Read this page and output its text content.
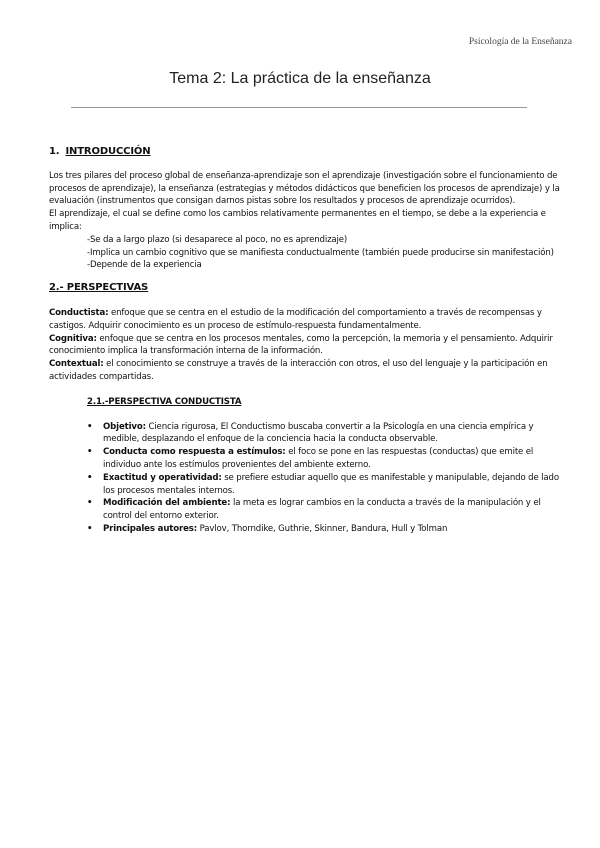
Psicología de la Enseñanza
Tema 2: La práctica de la enseñanza
1. INTRODUCCIÓN

Los tres pilares del proceso global de enseñanza-aprendizaje son el aprendizaje (investigación sobre el funcionamiento de procesos de aprendizaje), la enseñanza (estrategias y métodos didácticos que beneficien los procesos de aprendizaje) y la evaluación (instrumentos que consigan darnos pistas sobre los resultados y procesos de aprendizaje ocurridos).

El aprendizaje, el cual se define como los cambios relativamente permanentes en el tiempo, se debe a la experiencia e implica:

-Se da a largo plazo (si desaparece al poco, no es aprendizaje)

-Implica un cambio cognitivo que se manifiesta conductualmente (también puede producirse sin manifestación)

-Depende de la experiencia

2.- PERSPECTIVAS

Conductista: enfoque que se centra en el estudio de la modificación del comportamiento a través de recompensas y castigos. Adquirir conocimiento es un proceso de estímulo-respuesta fundamentalmente.

Cognitiva: enfoque que se centra en los procesos mentales, como la percepción, la memoria y el pensamiento. Adquirir conocimiento implica la transformación interna de la información.

Contextual: el conocimiento se construye a través de la interacción con otros, el uso del lenguaje y la participación en actividades compartidas.

2.1.-PERSPECTIVA CONDUCTISTA
• Objetivo: Ciencia rigurosa, El Conductismo buscaba convertir a la Psicología en una ciencia empírica y medible, desplazando el enfoque de la conciencia hacia la conducta observable.
• Conducta como respuesta a estímulos: el foco se pone en las respuestas (conductas) que emite el individuo ante los estímulos provenientes del ambiente externo.
• Exactitud y operatividad: se prefiere estudiar aquello que es manifestable y manipulable, dejando de lado los procesos mentales internos.
• Modificación del ambiente: la meta es lograr cambios en la conducta a través de la manipulación y el control del entorno exterior.
• Principales autores: Pavlov, Thorndike, Guthrie, Skinner, Bandura, Hull y Tolman
